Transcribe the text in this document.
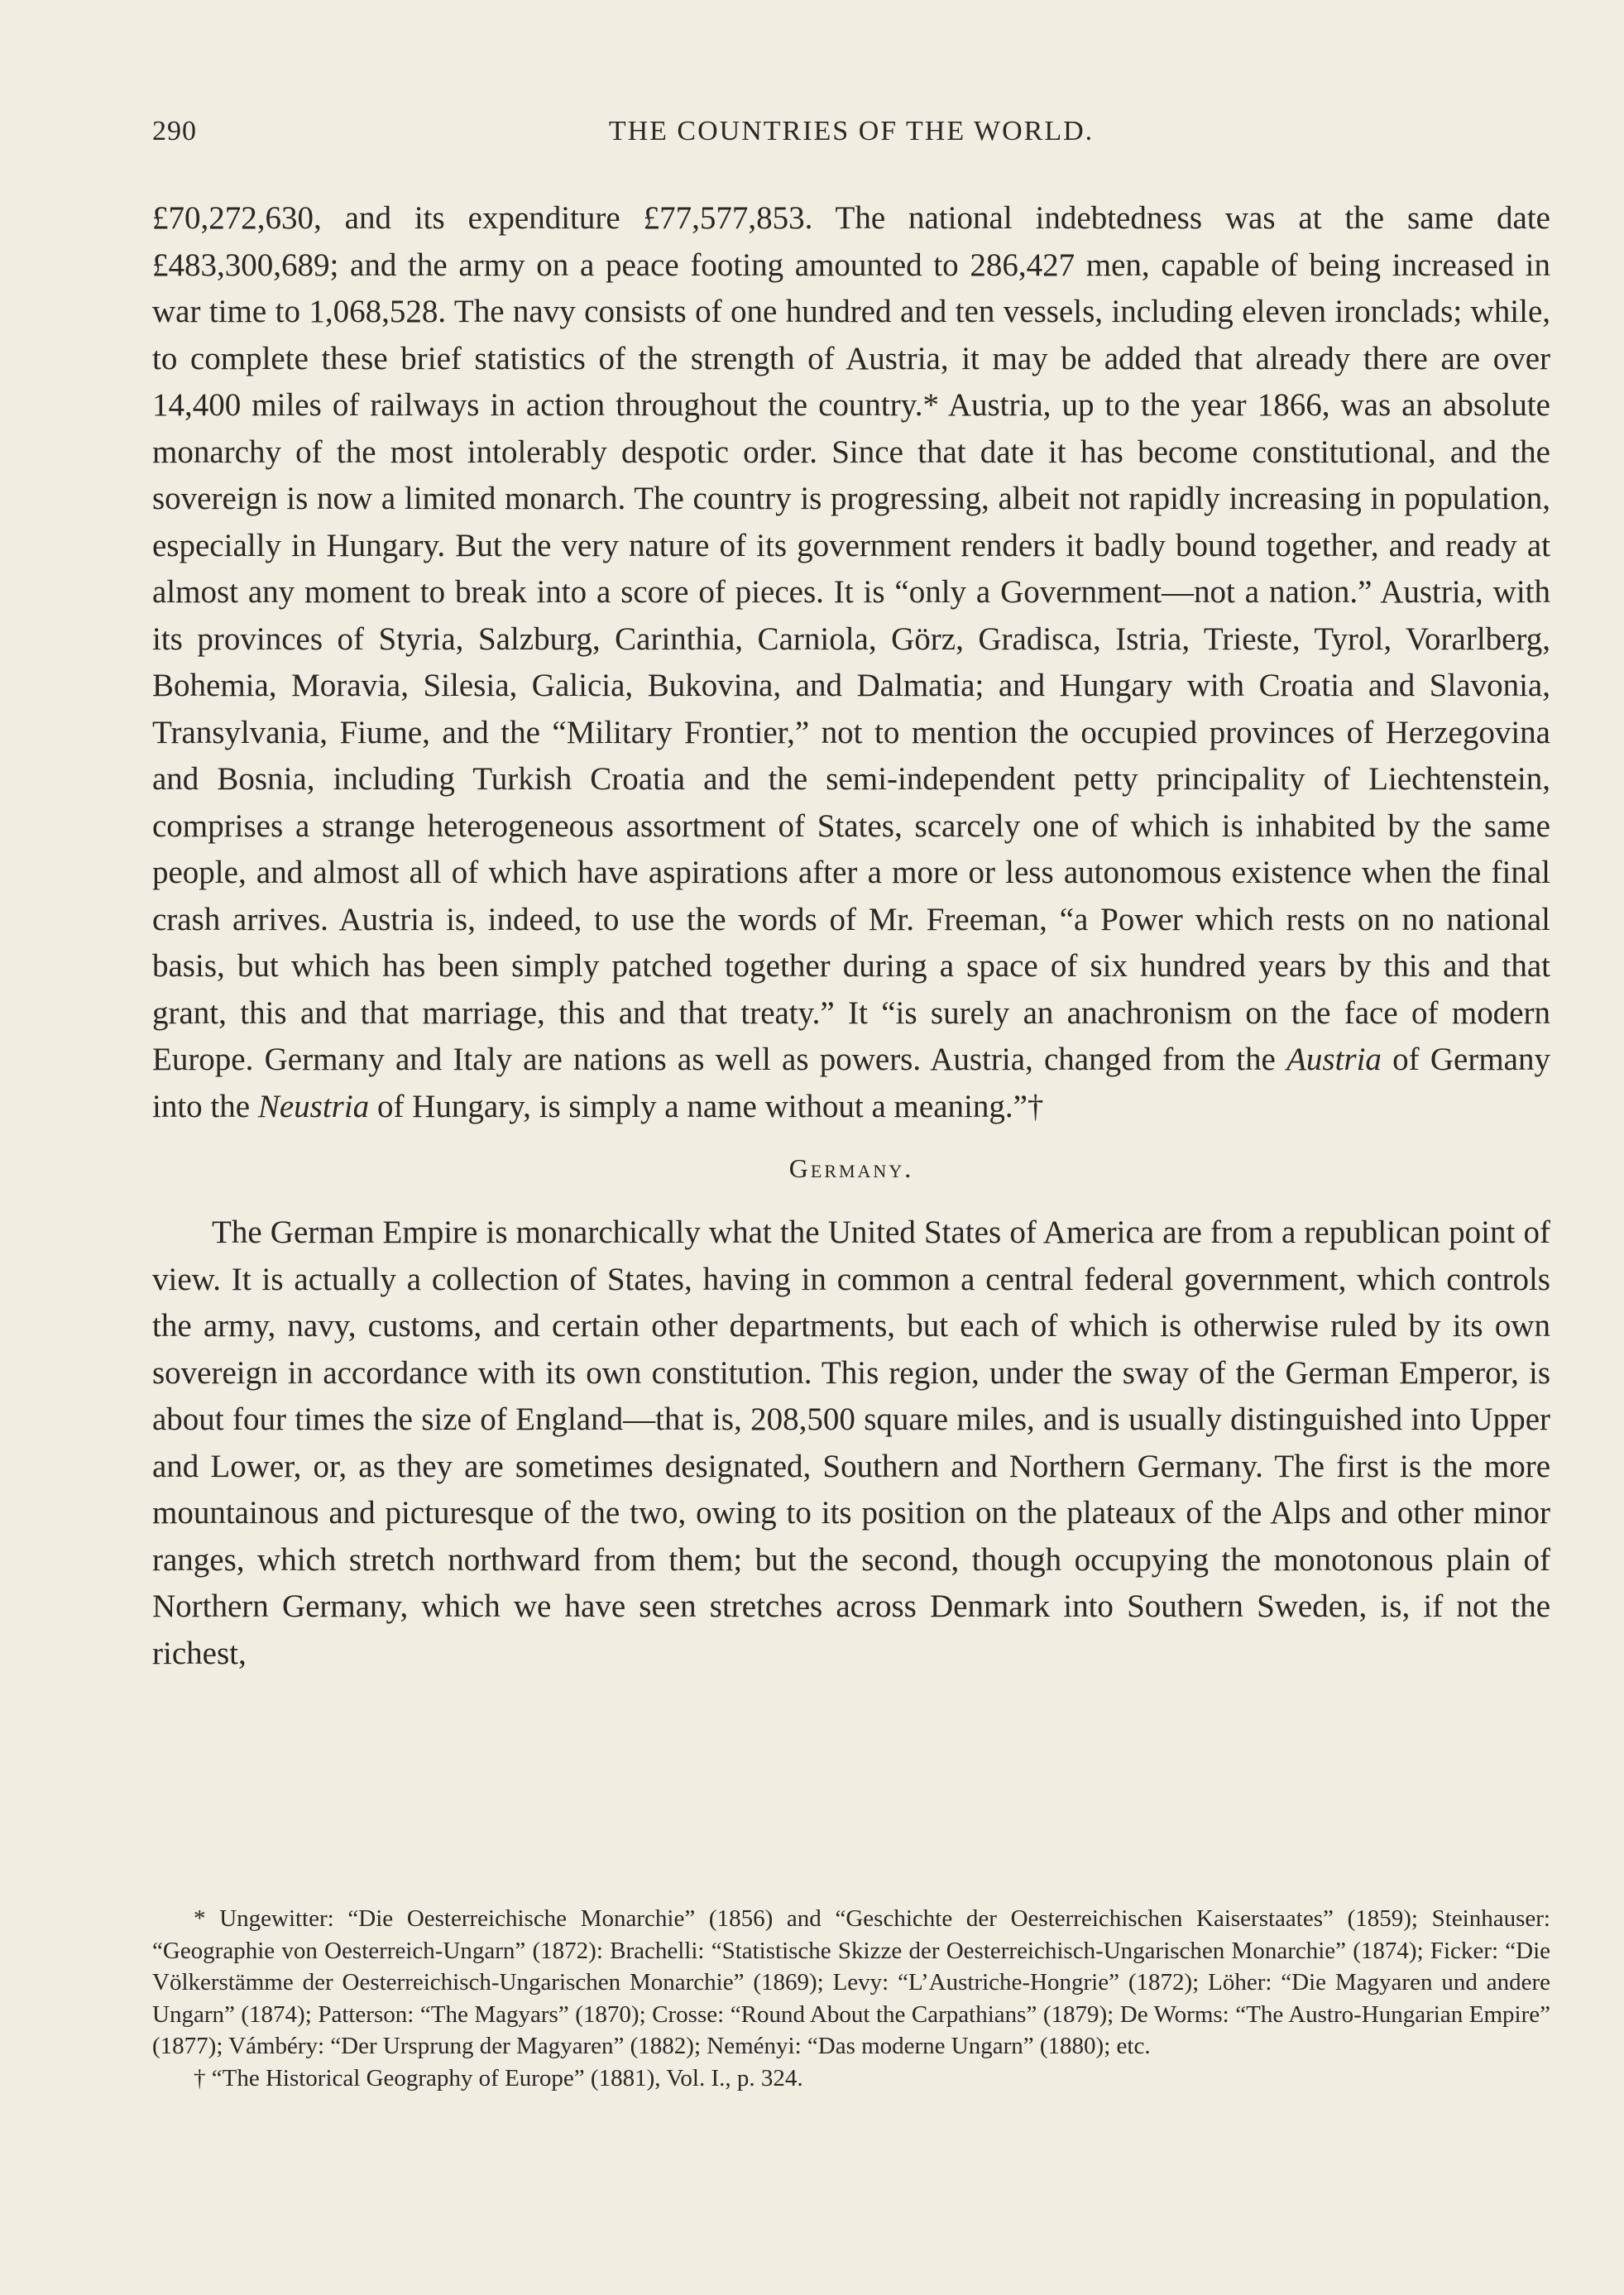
290	THE COUNTRIES OF THE WORLD.

£70,272,630, and its expenditure £77,577,853. The national indebtedness was at the same date £483,300,689; and the army on a peace footing amounted to 286,427 men, capable of being increased in war time to 1,068,528. The navy consists of one hundred and ten vessels, including eleven ironclads; while, to complete these brief statistics of the strength of Austria, it may be added that already there are over 14,400 miles of railways in action throughout the country.* Austria, up to the year 1866, was an absolute monarchy of the most intolerably despotic order. Since that date it has become constitutional, and the sovereign is now a limited monarch. The country is progressing, albeit not rapidly increasing in population, especially in Hungary. But the very nature of its government renders it badly bound together, and ready at almost any moment to break into a score of pieces. It is “only a Government—not a nation.” Austria, with its provinces of Styria, Salzburg, Carinthia, Carniola, Görz, Gradisca, Istria, Trieste, Tyrol, Vorarlberg, Bohemia, Moravia, Silesia, Galicia, Bukovina, and Dalmatia; and Hungary with Croatia and Slavonia, Transylvania, Fiume, and the “Military Frontier,” not to mention the occupied provinces of Herzegovina and Bosnia, including Turkish Croatia and the semi-independent petty principality of Liechtenstein, comprises a strange heterogeneous assortment of States, scarcely one of which is inhabited by the same people, and almost all of which have aspirations after a more or less autonomous existence when the final crash arrives. Austria is, indeed, to use the words of Mr. Freeman, “a Power which rests on no national basis, but which has been simply patched together during a space of six hundred years by this and that grant, this and that marriage, this and that treaty.” It “is surely an anachronism on the face of modern Europe. Germany and Italy are nations as well as powers. Austria, changed from the Austria of Germany into the Neustria of Hungary, is simply a name without a meaning.”†

Germany.

The German Empire is monarchically what the United States of America are from a republican point of view. It is actually a collection of States, having in common a central federal government, which controls the army, navy, customs, and certain other departments, but each of which is otherwise ruled by its own sovereign in accordance with its own constitution. This region, under the sway of the German Emperor, is about four times the size of England—that is, 208,500 square miles, and is usually distinguished into Upper and Lower, or, as they are sometimes designated, Southern and Northern Germany. The first is the more mountainous and picturesque of the two, owing to its position on the plateaux of the Alps and other minor ranges, which stretch northward from them; but the second, though occupying the monotonous plain of Northern Germany, which we have seen stretches across Denmark into Southern Sweden, is, if not the richest,

* Ungewitter: “Die Oesterreichische Monarchie” (1856) and “Geschichte der Oesterreichischen Kaiserstaates” (1859); Steinhauser: “Geographie von Oesterreich-Ungarn” (1872): Brachelli: “Statistische Skizze der Oesterreichisch-Ungarischen Monarchie” (1874); Ficker: “Die Völkerstämme der Oesterreichisch-Ungarischen Monarchie” (1869); Levy: “L’Austriche-Hongrie” (1872); Löher: “Die Magyaren und andere Ungarn” (1874); Patterson: “The Magyars” (1870); Crosse: “Round About the Carpathians” (1879); De Worms: “The Austro-Hungarian Empire” (1877); Vámbéry: “Der Ursprung der Magyaren” (1882); Neményi: “Das moderne Ungarn” (1880); etc.

† “The Historical Geography of Europe” (1881), Vol. I., p. 324.
